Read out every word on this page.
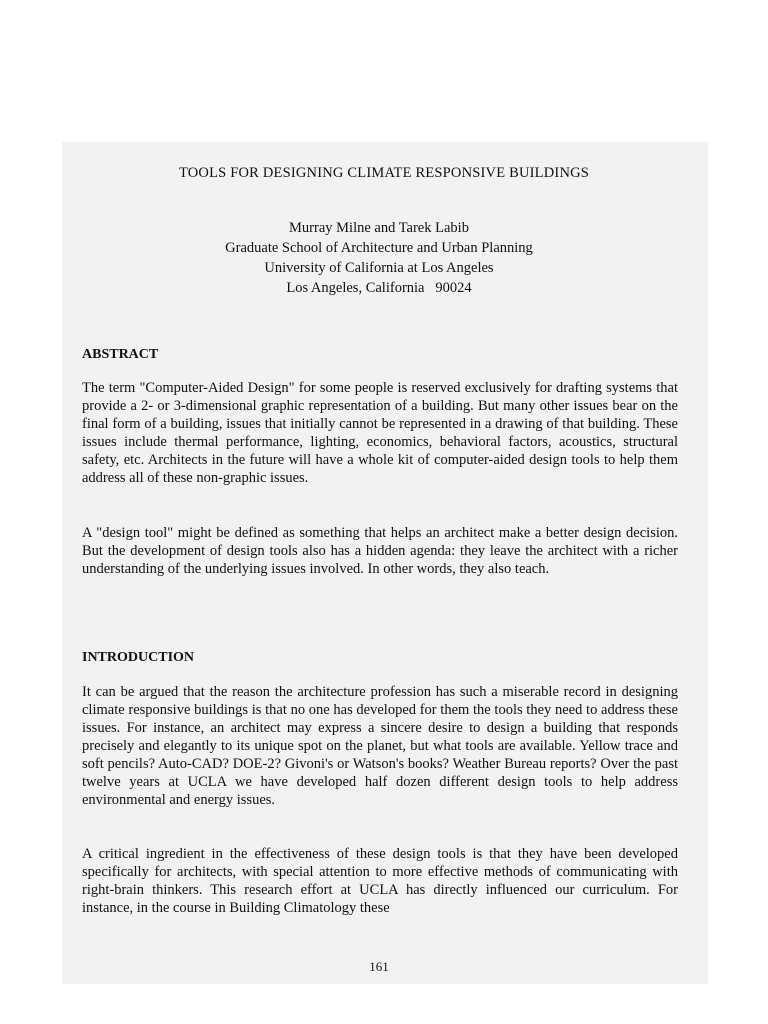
TOOLS FOR DESIGNING CLIMATE RESPONSIVE BUILDINGS
Murray Milne and Tarek Labib
Graduate School of Architecture and Urban Planning
University of California at Los Angeles
Los Angeles, California   90024
ABSTRACT

The term "Computer-Aided Design" for some people is reserved exclusively for drafting systems that provide a 2- or 3-dimensional graphic representation of a building. But many other issues bear on the final form of a building, issues that initially cannot be represented in a drawing of that building. These issues include thermal performance, lighting, economics, behavioral factors, acoustics, structural safety, etc. Architects in the future will have a whole kit of computer-aided design tools to help them address all of these non-graphic issues.

A "design tool" might be defined as something that helps an architect make a better design decision. But the development of design tools also has a hidden agenda: they leave the architect with a richer understanding of the underlying issues involved. In other words, they also teach.

INTRODUCTION

It can be argued that the reason the architecture profession has such a miserable record in designing climate responsive buildings is that no one has developed for them the tools they need to address these issues. For instance, an architect may express a sincere desire to design a building that responds precisely and elegantly to its unique spot on the planet, but what tools are available. Yellow trace and soft pencils? Auto-CAD? DOE-2? Givoni's or Watson's books? Weather Bureau reports? Over the past twelve years at UCLA we have developed half dozen different design tools to help address environmental and energy issues.

A critical ingredient in the effectiveness of these design tools is that they have been developed specifically for architects, with special attention to more effective methods of communicating with right-brain thinkers. This research effort at UCLA has directly influenced our curriculum. For instance, in the course in Building Climatology these

161
